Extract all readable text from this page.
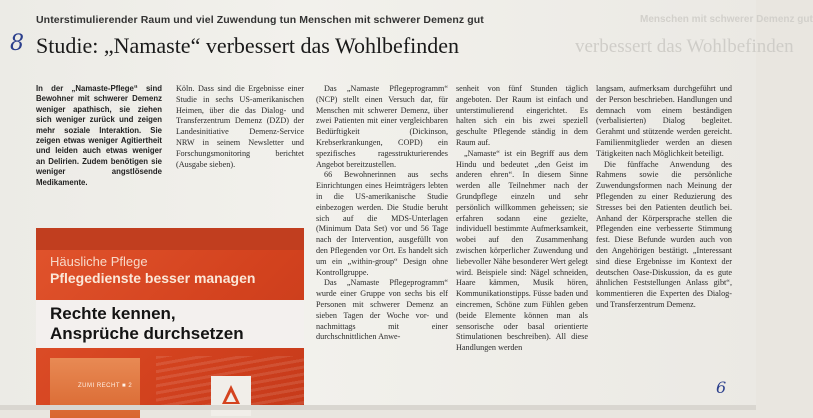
Unterstimulierender Raum und viel Zuwendung tun Menschen mit schwerer Demenz gut	Menschen mit schwerer Demenz gut
8 Studie: „Namaste“ verbessert das Wohlbefinden	verbessert das Wohlbefinden

In der „Namaste-Pflege“ sind Bewohner mit schwerer Demenz weniger apathisch, sie ziehen sich weniger zurück und zeigen mehr soziale Interaktion. Sie zeigen etwas weniger Agitiertheit und leiden auch etwas weniger an Delirien. Zudem benötigen sie weniger angstlösende Medikamente.

Köln. Dass sind die Ergebnisse einer Studie in sechs US-amerikanischen Heimen, über die das Dialog- und Transferzentrum Demenz (DZD) der Landesinitiative Demenz-Service NRW in seinem Newsletter und Forschungsmonitoring berichtet (Ausgabe sieben).

Das „Namaste Pflegeprogramm“ (NCP) stellt einen Versuch dar, für Menschen mit schwerer Demenz, über zwei Patienten mit einer vergleichbaren Bedürftigkeit (Dickinson, Krebserkrankungen, COPD) ein spezifisches ragesstrukturierendes Angebot bereitzustellen.

66 Bewohnerinnen aus sechs Einrichtungen eines Heimträgers lebten in die US-amerikanische Studie einbezogen werden. Die Studie beruht sich auf die MDS-Unterlagen (Minimum Data Set) vor und 56 Tage nach der Intervention, ausgefüllt von den Pflegenden vor Ort. Es handelt sich um ein „within-group“ Design ohne Kontrollgruppe.

Das „Namaste Pflegeprogramm“ wurde einer Gruppe von sechs bis elf Personen mit schwerer Demenz an sieben Tagen der Woche vor- und nachmittags mit einer durchschnittlichen Anwe-

senheit von fünf Stunden täglich angeboten. Der Raum ist einfach und unterstimulierend eingerichtet. Es halten sich ein bis zwei speziell geschulte Pflegende ständig in dem Raum auf.

„Namaste“ ist ein Begriff aus dem Hindu und bedeutet „den Geist im anderen ehren“. In diesem Sinne werden alle Teilnehmer nach der Grundpflege einzeln und sehr persönlich willkommen geheissen; sie erfahren sodann eine gezielte, individuell bestimmte Aufmerksamkeit, wobei auf den Zusammenhang zwischen körperlicher Zuwendung und liebevoller Nähe besonderer Wert gelegt wird. Beispiele sind: Nägel schneiden, Haare kämmen, Musik hören, Kommunikationstipps. Füsse baden und eincremen, Schöne zum Fühlen geben (beide Elemente können man als sensorische oder basal orientierte Stimulationen beschreiben). All diese Handlungen werden

langsam, aufmerksam durchgeführt und der Person beschrieben. Handlungen und demnach vom einem beständigen (verbalisierten) Dialog begleitet. Gerahmt und stützende werden gereicht. Familienmitglieder werden an diesen Tätigkeiten nach Möglichkeit beteiligt.

Die fünffache Anwendung des Rahmens sowie die persönliche Zuwendungsformen nach Meinung der Pflegenden zu einer Reduzierung des Stresses bei den Patienten deutlich bei. Anhand der Körpersprache stellen die Pflegenden eine verbesserte Stimmung fest. Diese Befunde wurden auch von den Angehörigen bestätigt. „Interessant sind diese Ergebnisse im Kontext der deutschen Oase-Diskussion, da es gute ähnlichen Feststellungen Anlass gibt“, kommentieren die Experten des Dialog- und Transferzentrum Demenz.

Häusliche Pflege
Pflegedienste besser managen
Rechte kennen,
Ansprüche durchsetzen
ZUMI RECHT ■ 2	6
